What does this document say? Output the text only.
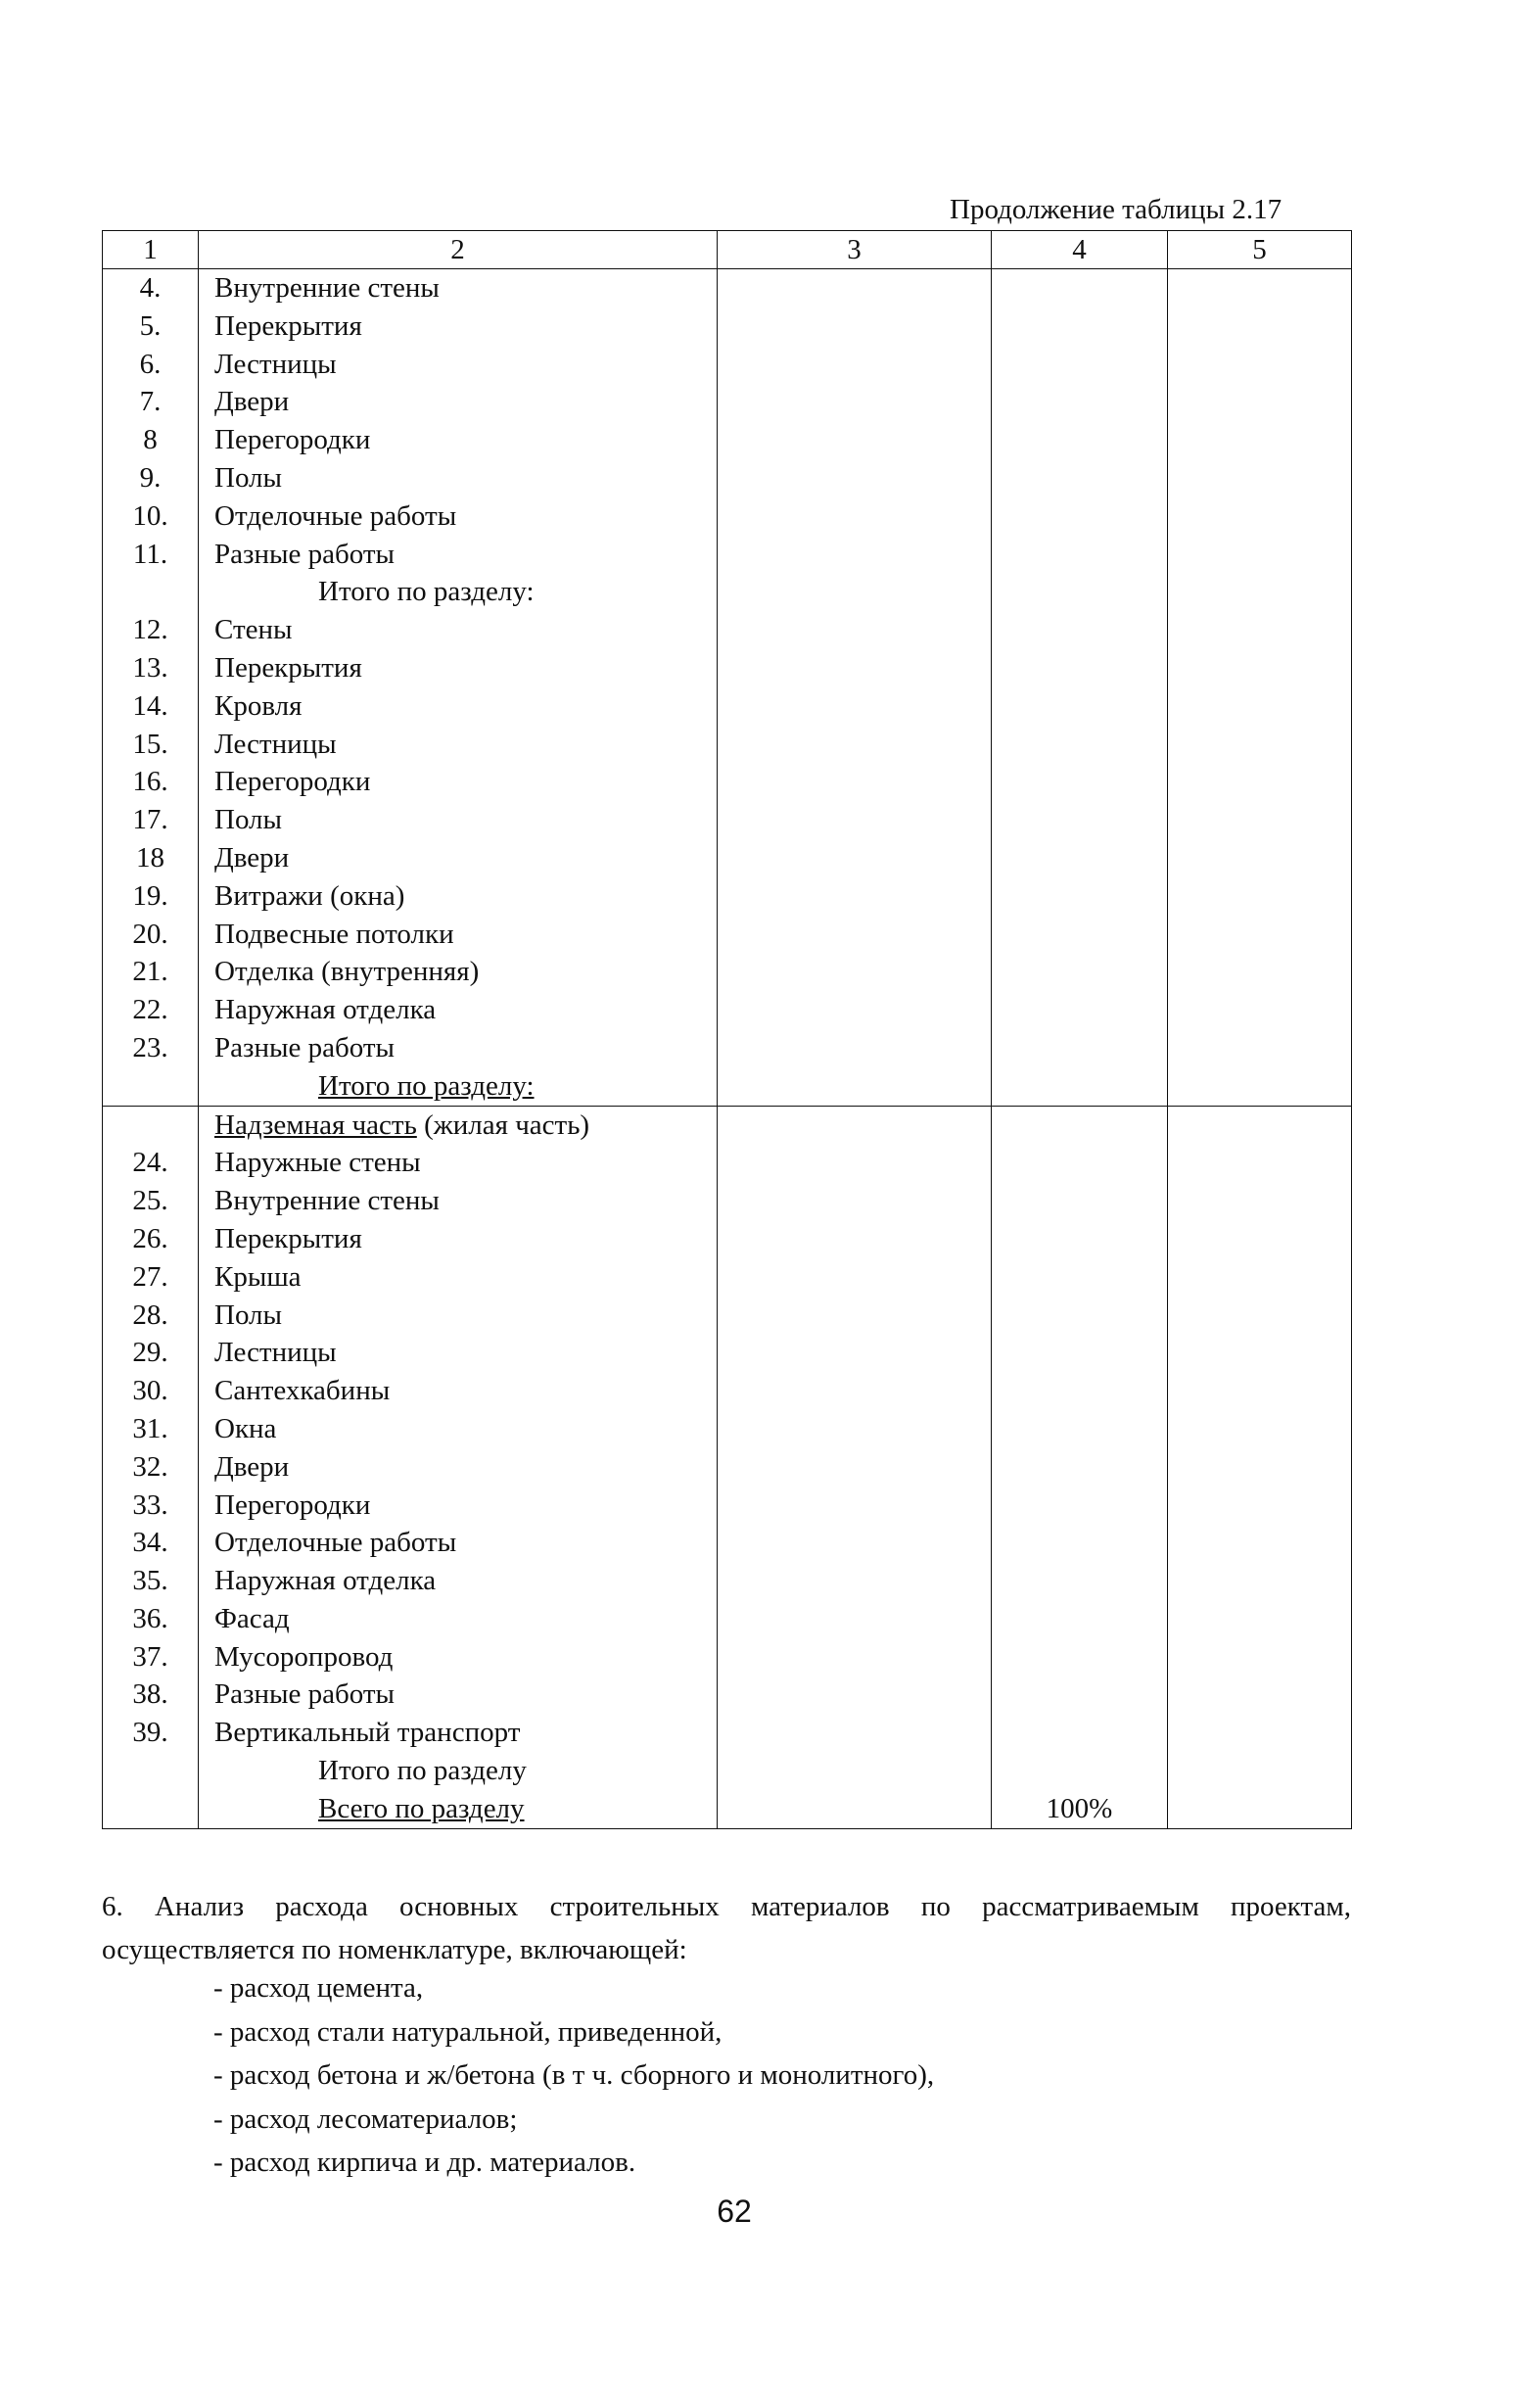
Продолжение таблицы 2.17
1	2	3	4	5
4.	Внутренние стены			
5.	Перекрытия			
6.	Лестницы			
7.	Двери			
8	Перегородки			
9.	Полы			
10.	Отделочные работы			
11.	Разные работы			
	Итого по разделу:			
12.	Стены			
13.	Перекрытия			
14.	Кровля			
15.	Лестницы			
16.	Перегородки			
17.	Полы			
18	Двери			
19.	Витражи (окна)			
20.	Подвесные потолки			
21.	Отделка (внутренняя)			
22.	Наружная отделка			
23.	Разные работы			
	Итого по разделу:			
	Надземная часть (жилая часть)			
24.	Наружные стены			
25.	Внутренние стены			
26.	Перекрытия			
27.	Крыша			
28.	Полы			
29.	Лестницы			
30.	Сантехкабины			
31.	Окна			
32.	Двери			
33.	Перегородки			
34.	Отделочные работы			
35.	Наружная отделка			
36.	Фасад			
37.	Мусоропровод			
38.	Разные работы			
39.	Вертикальный транспорт			
	Итого по разделу			
	Всего по разделу		100%	

6. Анализ расхода основных строительных материалов по рассматриваемым проектам, осуществляется по номенклатуре, включающей:

- расход цемента,
- расход стали натуральной, приведенной,
- расход бетона и ж/бетона (в т ч. сборного и монолитного),
- расход лесоматериалов;
- расход кирпича и др. материалов.
62
